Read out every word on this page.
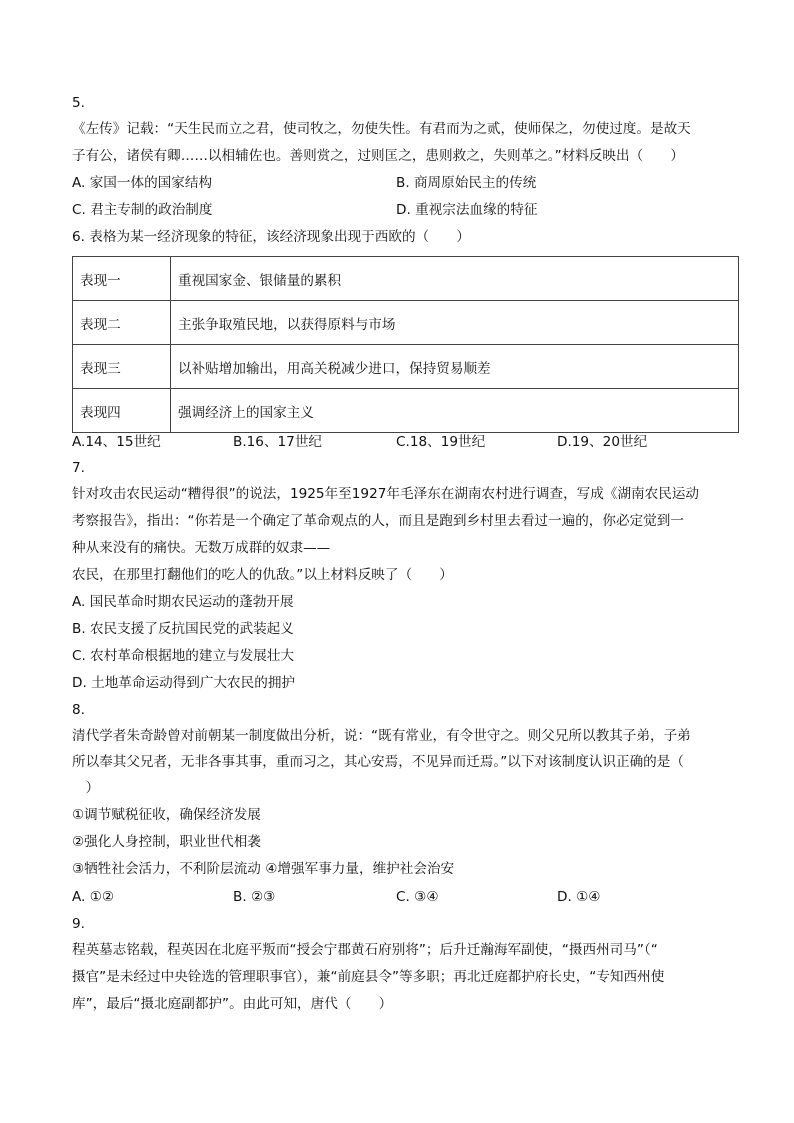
5.
《左传》记载：“天生民而立之君，使司牧之，勿使失性。有君而为之贰，使师保之，勿使过度。是故天
子有公，诸侯有卿……以相辅佐也。善则赏之，过则匡之，患则救之，失则革之。”材料反映出（　　）
A. 家国一体的国家结构	B. 商周原始民主的传统
C. 君主专制的政治制度	D. 重视宗法血缘的特征
6. 表格为某一经济现象的特征，该经济现象出现于西欧的（　　）
表现一	重视国家金、银储量的累积
表现二	主张争取殖民地，以获得原料与市场
表现三	以补贴增加输出，用高关税减少进口，保持贸易顺差
表现四	强调经济上的国家主义
A.14、15世纪	B.16、17世纪	C.18、19世纪	D.19、20世纪
7.
针对攻击农民运动“糟得很”的说法，1925年至1927年毛泽东在湖南农村进行调查，写成《湖南农民运动
考察报告》，指出：“你若是一个确定了革命观点的人，而且是跑到乡村里去看过一遍的，你必定觉到一
种从来没有的痛快。无数万成群的奴隶——
农民，在那里打翻他们的吃人的仇敌。”以上材料反映了（　　）
A. 国民革命时期农民运动的蓬勃开展
B. 农民支援了反抗国民党的武装起义
C. 农村革命根据地的建立与发展壮大
D. 土地革命运动得到广大农民的拥护
8.
清代学者朱奇龄曾对前朝某一制度做出分析，说：“既有常业，有令世守之。则父兄所以教其子弟，子弟
所以奉其父兄者，无非各事其事，重而习之，其心安焉，不见异而迁焉。”以下对该制度认识正确的是（
　）
①调节赋税征收，确保经济发展
②强化人身控制，职业世代相袭
③牺牲社会活力，不利阶层流动 ④增强军事力量，维护社会治安
A. ①②	B. ②③	C. ③④	D. ①④
9.
程英墓志铭载，程英因在北庭平叛而“授会宁郡黄石府别将”；后升迁瀚海军副使，“摄西州司马”（“
摄官”是未经过中央铨选的管理职事官），兼“前庭县令”等多职；再北迁庭都护府长史，“专知西州使
库”，最后“摄北庭副都护”。由此可知，唐代（　　）
